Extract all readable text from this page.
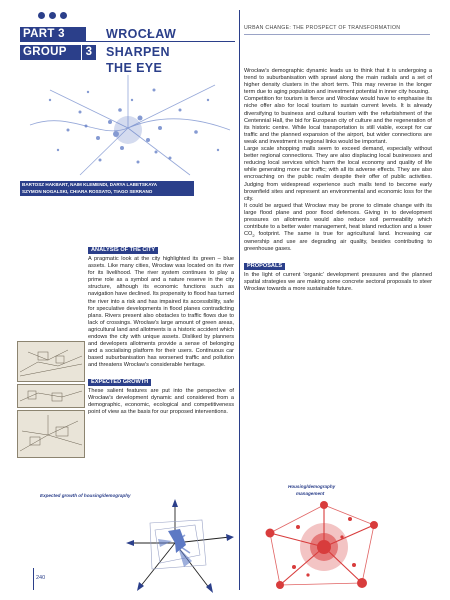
PART 3
GROUP	3
WROCŁAW
SHARPEN
THE EYE
URBAN CHANGE: THE PROSPECT OF TRANSFORMATION
BARTOSZ HAKBART, NAIM KLEMENDI, DARYA LABETSKAYA
SZYMON NOGALSKI, CHIARA ROSSATO, TIAGO SERRANO

Wrocław's demographic dynamic leads us to think that it is undergoing a trend to suburbanisation with sprawl along the main radials and a set of higher density clusters in the short term. This may reverse in the longer term due to aging population and investment potential in inner city housing.

Competition for tourism is fierce and Wrocław would have to emphasise its niche offer also for local tourism to sustain current levels. It is already diversifying to business and cultural tourism with the refurbishment of the Centennial Hall, the bid for European city of culture and the regeneration of its historic centre. While local transportation is still viable, except for car traffic and the planned expansion of the airport, but wider connections are weak and investment in regional links would be important.

Large scale shopping malls seem to exceed demand, especially without better regional connections. They are also displacing local businesses and reducing local services which harm the local economy and quality of life while generating more car traffic; with all its adverse effects. They are also encroaching on the public realm despite their offer of public activities. Judging from widespread experience such malls tend to become early brownfield sites and represent an environmental and economic loss for the city.

It could be argued that Wrocław may be prone to climate change with its large flood plane and poor flood defences. Giving in to development pressures on allotments would also reduce soil permeability which contribute to a better water management, heat island reduction and a lower $CO_2$ footprint. The same is true for agricultural land. Increasing car ownership and use are degrading air quality, besides contributing to greenhouse gases.

PROPOSALS

In the light of current 'organic' development pressures and the planned spatial strategies we are making some concrete sectoral proposals to steer Wrocław towards a more sustainable future.

ANALYSIS OF THE CITY

A pragmatic look at the city highlighted its green – blue assets. Like many cities, Wrocław was located on its river for its livelihood. The river system continues to play a prime role as a symbol and a nature reserve in the city structure, although its economic functions such as navigation have declined. Its propensity to flood has turned the river into a risk and has impaired its accessibility, safe for speculative developments in flood planes contradicting plans. Rivers present also obstacles to traffic flows due to lack of crossings. Wrocław's large amount of green areas, agricultural land and allotments is a historic accident which endows the city with unique assets. Disliked by planners and developers allotments provide a sense of belonging and a socialising platform for their users. Continuous car based suburbanisation has worsened traffic and pollution and threatens Wrocław's considerable heritage.

EXPECTED GROWTH

These salient features are put into the perspective of Wrocław's development dynamic and considered from a demographic, economic, ecological and competitiveness point of view as the basis for our proposed interventions.

Expected growth of housing/demography
Housing/demography
management
240
